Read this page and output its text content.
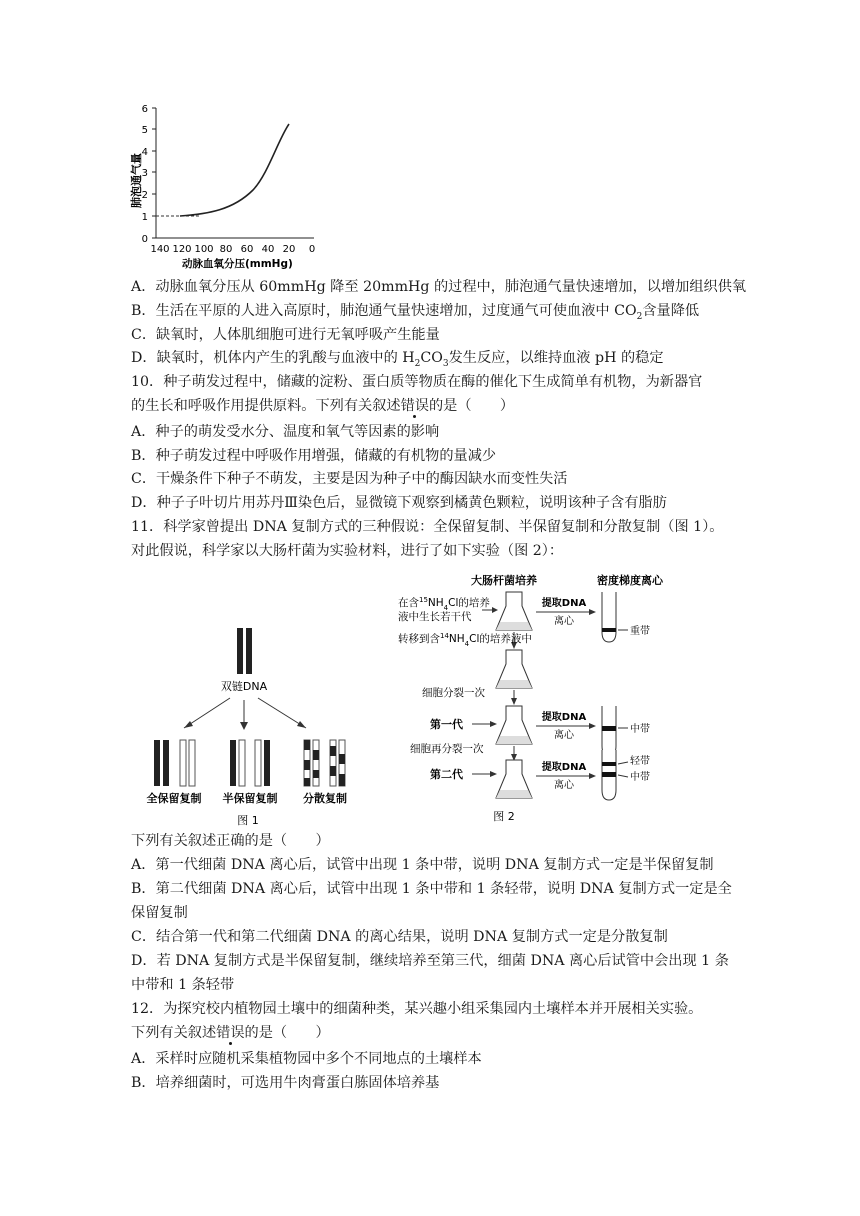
0
1
2
3
4
5
6
140 120 100 80 60 40 20 0
肺泡通气量
动脉血氧分压(mmHg)
A．动脉血氧分压从 60mmHg 降至 20mmHg 的过程中，肺泡通气量快速增加，以增加组织供氧
B．生活在平原的人进入高原时，肺泡通气量快速增加，过度通气可使血液中 $CO_2$含量降低
C．缺氧时，人体肌细胞可进行无氧呼吸产生能量
D．缺氧时，机体内产生的乳酸与血液中的 $H_2CO_3$发生反应，以维持血液 pH 的稳定
10．种子萌发过程中，储藏的淀粉、蛋白质等物质在酶的催化下生成简单有机物，为新器官
的生长和呼吸作用提供原料。下列有关叙述错误的是（　　）
A．种子的萌发受水分、温度和氧气等因素的影响
B．种子萌发过程中呼吸作用增强，储藏的有机物的量减少
C．干燥条件下种子不萌发，主要是因为种子中的酶因缺水而变性失活
D．种子子叶切片用苏丹Ⅲ染色后，显微镜下观察到橘黄色颗粒，说明该种子含有脂肪
11．科学家曾提出 DNA 复制方式的三种假说：全保留复制、半保留复制和分散复制（图 1）。
对此假说，科学家以大肠杆菌为实验材料，进行了如下实验（图 2）：
双链DNA
全保留复制 半保留复制 分散复制
图 1
大肠杆菌培养	密度梯度离心
在含$^{15}NH_4Cl$的培养
液中生长若干代
提取DNA
离心
重带
转移到含$^{14}NH_4Cl$的培养液中
细胞分裂一次
第一代
提取DNA
离心
中带
细胞再分裂一次
第二代
提取DNA
离心
轻带
中带
图 2
下列有关叙述正确的是（　　）
A．第一代细菌 DNA 离心后，试管中出现 1 条中带，说明 DNA 复制方式一定是半保留复制
B．第二代细菌 DNA 离心后，试管中出现 1 条中带和 1 条轻带，说明 DNA 复制方式一定是全
保留复制
C．结合第一代和第二代细菌 DNA 的离心结果，说明 DNA 复制方式一定是分散复制
D．若 DNA 复制方式是半保留复制，继续培养至第三代，细菌 DNA 离心后试管中会出现 1 条
中带和 1 条轻带
12．为探究校内植物园土壤中的细菌种类，某兴趣小组采集园内土壤样本并开展相关实验。
下列有关叙述错误的是（　　）
A．采样时应随机采集植物园中多个不同地点的土壤样本
B．培养细菌时，可选用牛肉膏蛋白胨固体培养基
